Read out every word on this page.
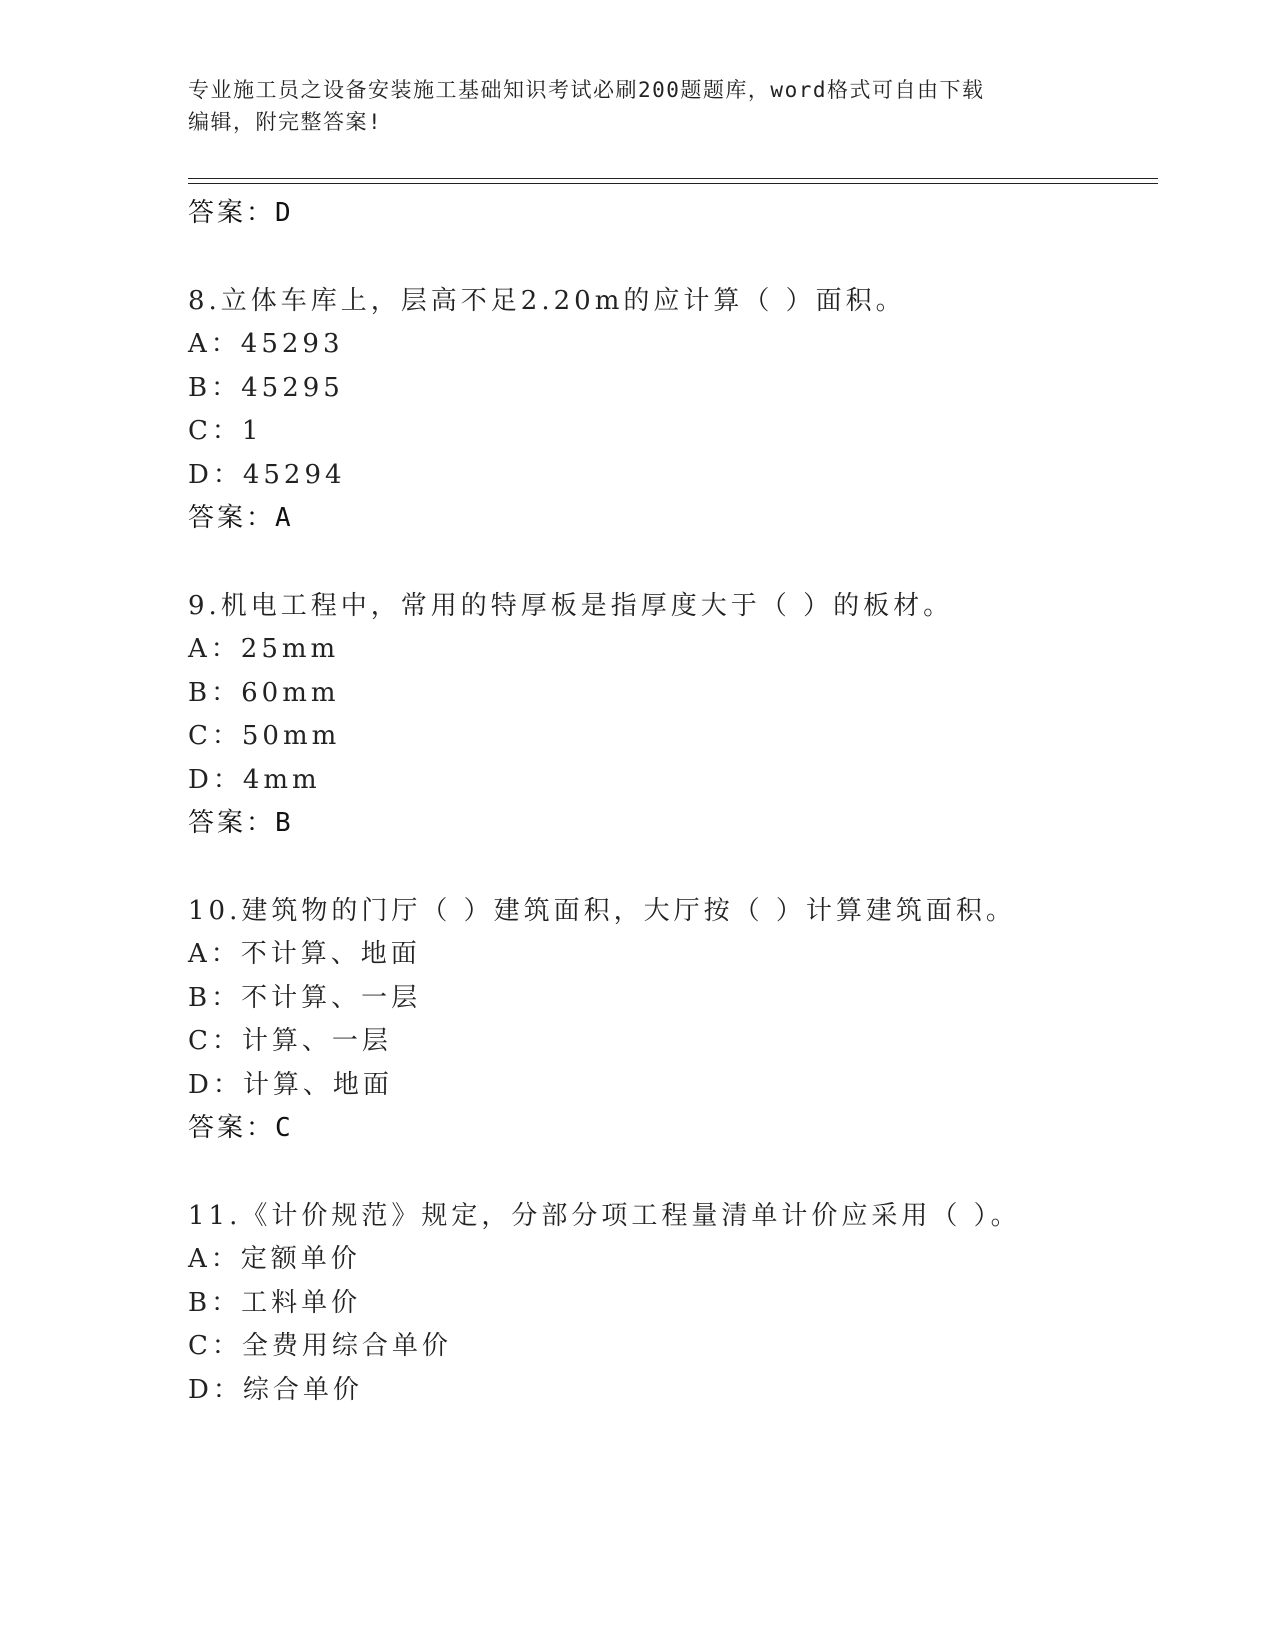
专业施工员之设备安装施工基础知识考试必刷200题题库，word格式可自由下载
编辑，附完整答案!
答案：D
8.立体车库上，层高不足2.20m的应计算（ ）面积。
A：45293
B：45295
C：1
D：45294
答案：A
9.机电工程中，常用的特厚板是指厚度大于（ ）的板材。
A：25mm
B：60mm
C：50mm
D：4mm
答案：B
10.建筑物的门厅（ ）建筑面积，大厅按（ ）计算建筑面积。
A：不计算、地面
B：不计算、一层
C：计算、一层
D：计算、地面
答案：C
11.《计价规范》规定，分部分项工程量清单计价应采用（ ）。
A：定额单价
B：工料单价
C：全费用综合单价
D：综合单价
